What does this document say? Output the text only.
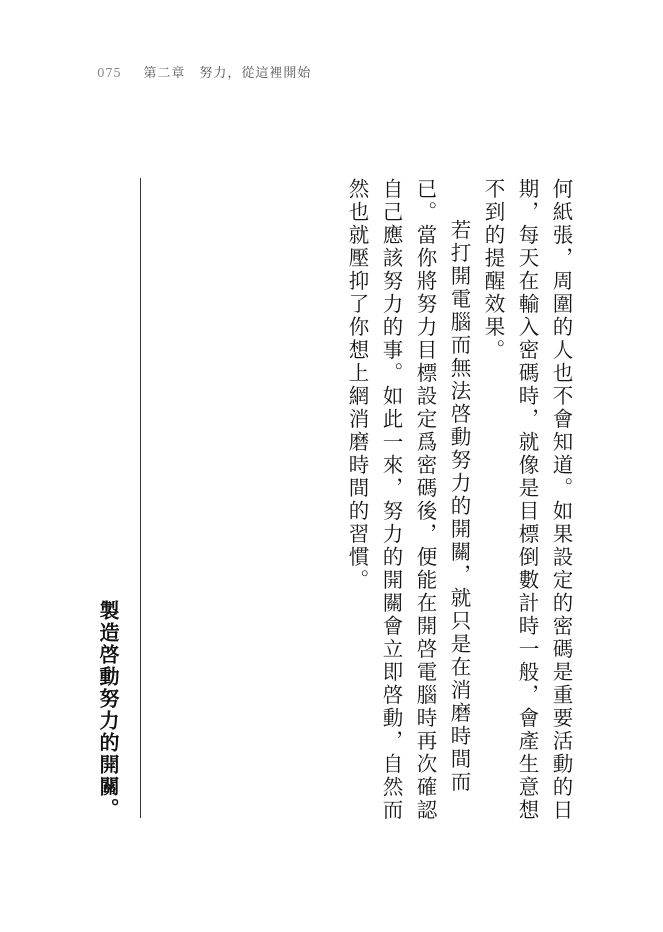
075 第二章　努力，從這裡開始

何紙張，周圍的人也不會知道。如果設定的密碼是重要活動的日期，每天在輸入密碼時，就像是目標倒數計時一般，會產生意想不到的提醒效果。

若打開電腦而無法啓動努力的開關，就只是在消磨時間而已。當你將努力目標設定爲密碼後，便能在開啓電腦時再次確認自己應該努力的事。如此一來，努力的開關會立即啓動，自然而然也就壓抑了你想上網消磨時間的習慣。

製造啓動努力的開關。
